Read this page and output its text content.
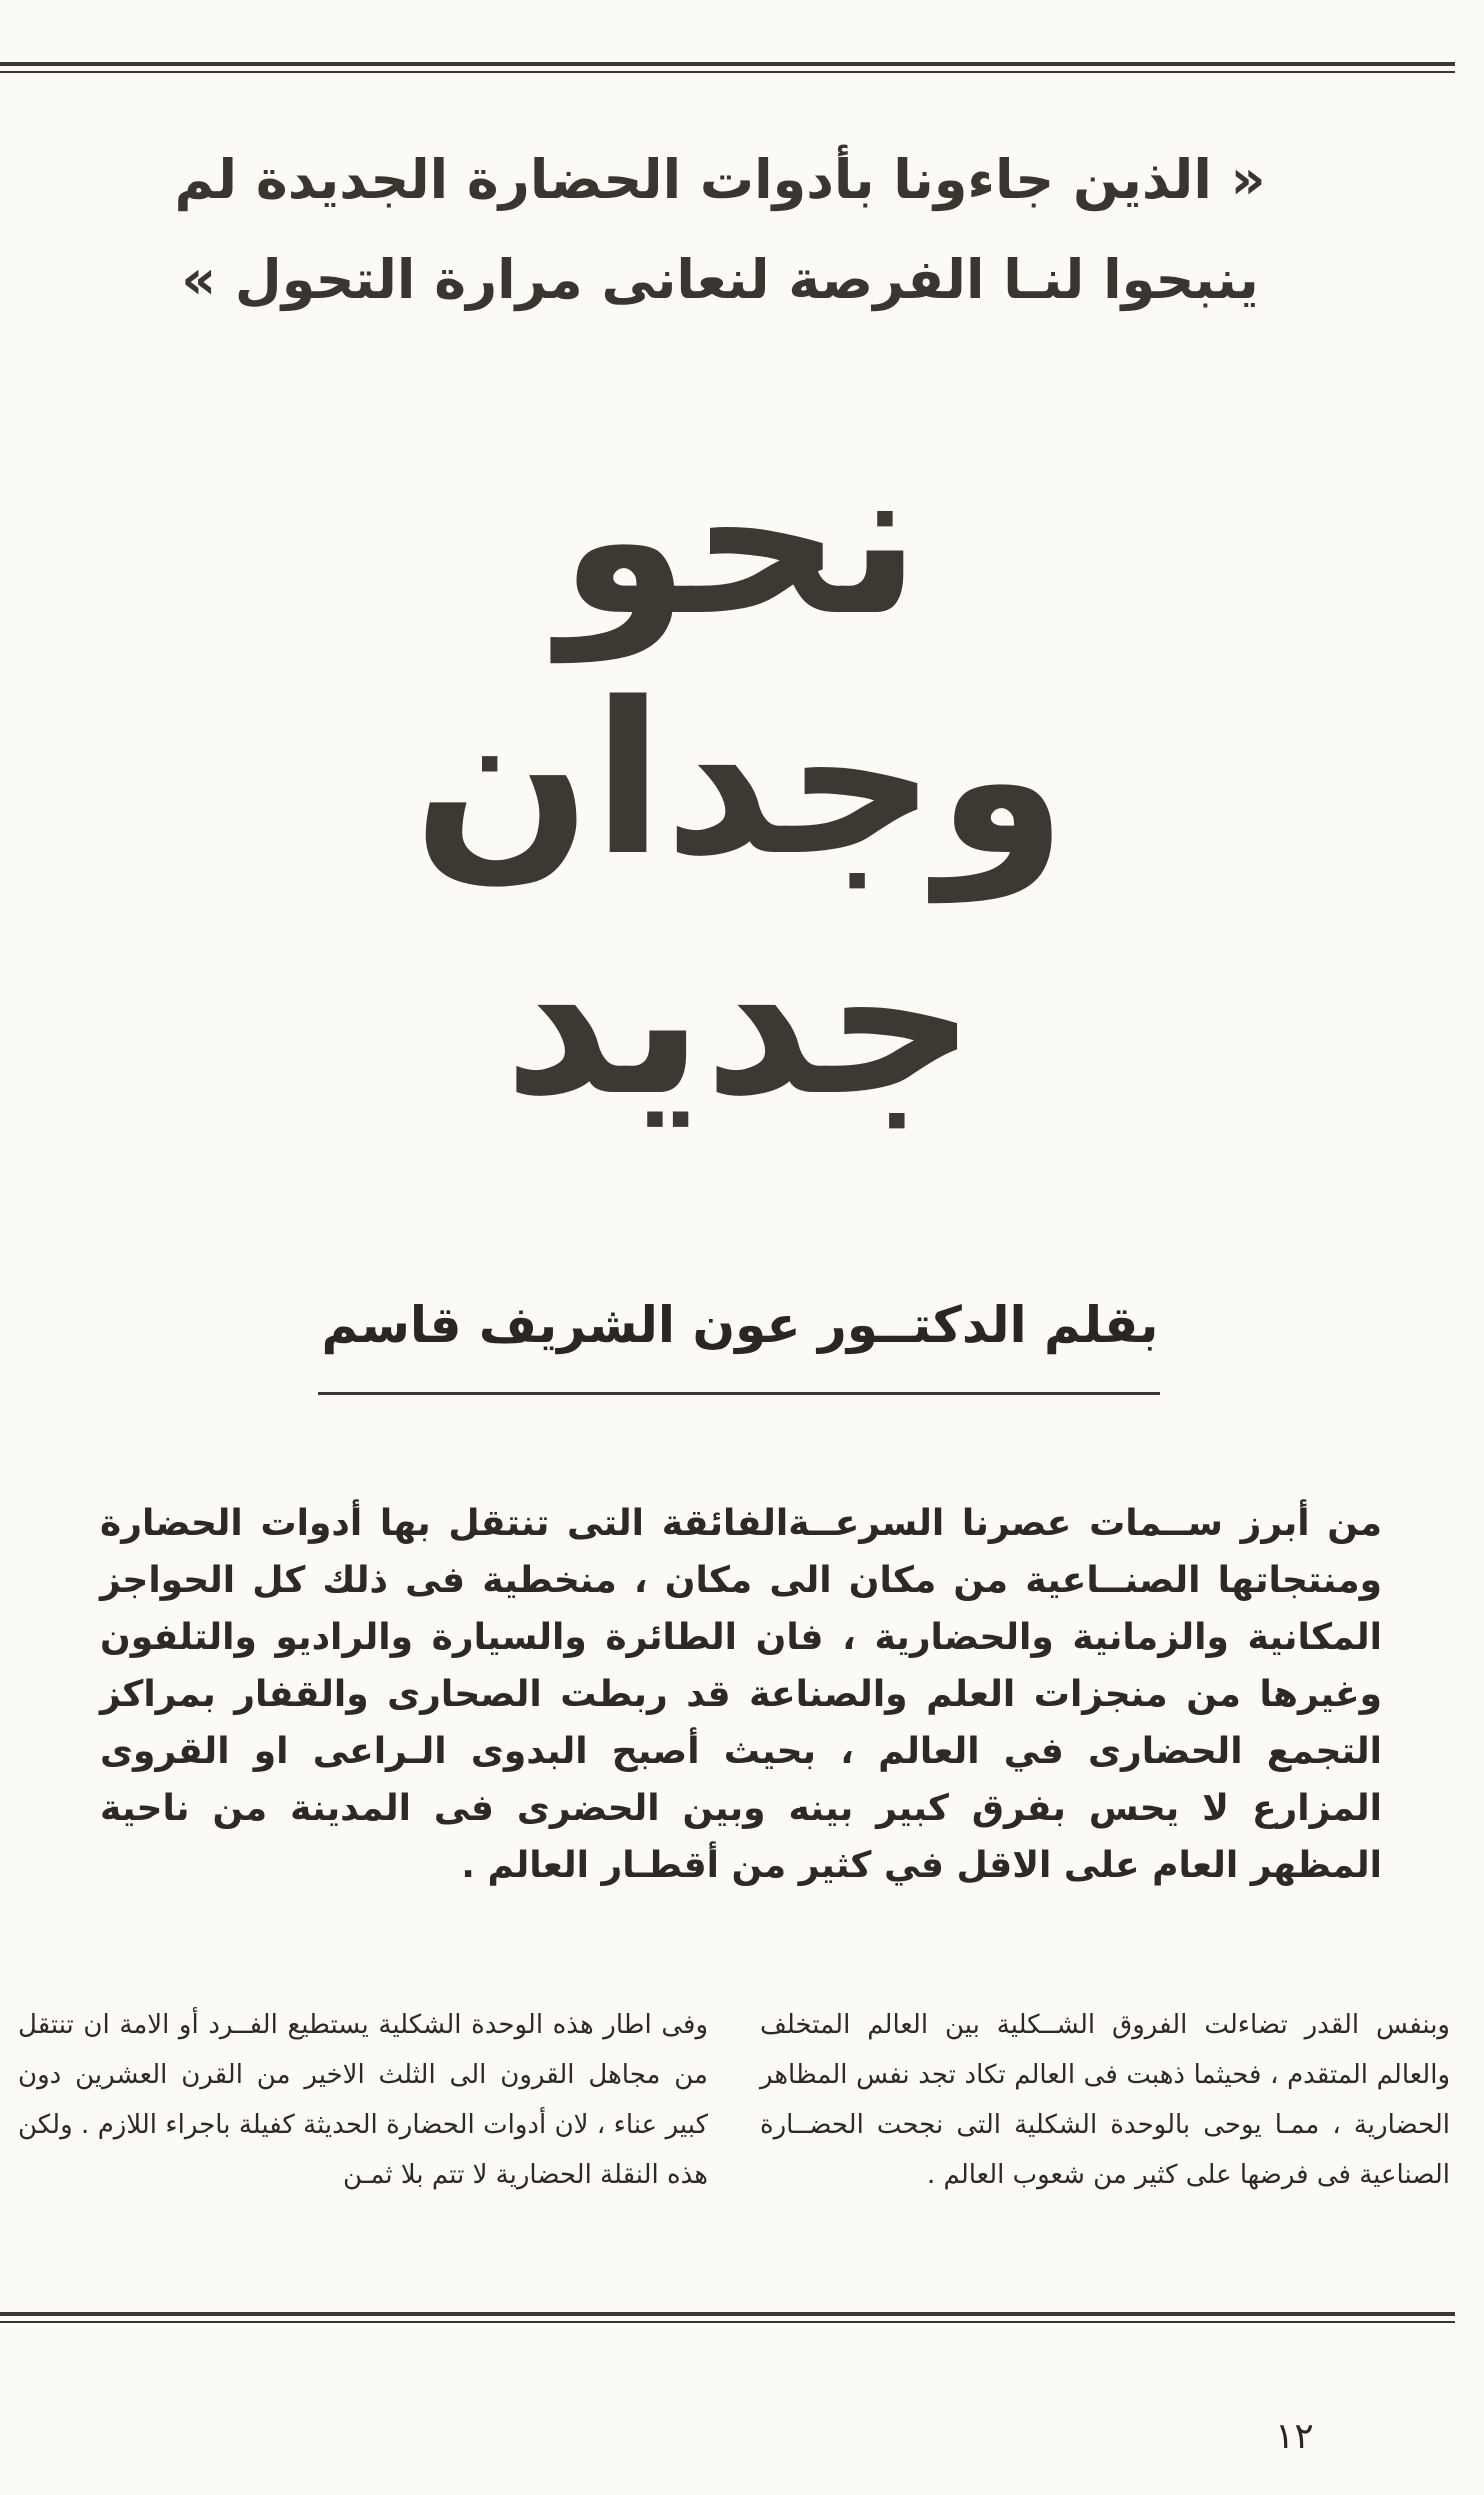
« الذين جاءونا بأدوات الحضارة الجديدة لم
ينبحوا لنـا الفرصة لنعانى مرارة التحول »
نحو
وجدان
جديد
بقلم الدكتــور عون الشريف قاسم
من أبرز ســمات عصرنا السرعــةالفائقة التى تنتقل بها أدوات الحضارة ومنتجاتها الصنــاعية من مكان الى مكان ، منخطية فى ذلك كل الحواجز المكانية والزمانية والحضارية ، فان الطائرة والسيارة والراديو والتلفون وغيرها من منجزات العلم والصناعة قد ربطت الصحارى والقفار بمراكز التجمع الحضارى في العالم ، بحيث أصبح البدوى الـراعى او القروى المزارع لا يحس بفرق كبير بينه وبين الحضرى فى المدينة من ناحية المظهر العام على الاقل في كثير من أقطـار العالم .
وبنفس القدر تضاءلت الفروق الشــكلية بين العالم المتخلف والعالم المتقدم ، فحيثما ذهبت فى العالم تكاد تجد نفس المظاهر الحضارية ، ممـا يوحى بالوحدة الشكلية التى نجحت الحضــارة الصناعية فى فرضها على كثير من شعوب العالم .
وفى اطار هذه الوحدة الشكلية يستطيع الفــرد أو الامة ان تنتقل من مجاهل القرون الى الثلث الاخير من القرن العشرين دون كبير عناء ، لان أدوات الحضارة الحديثة كفيلة باجراء اللازم . ولكن هذه النقلة الحضارية لا تتم بلا ثمـن
١٢
